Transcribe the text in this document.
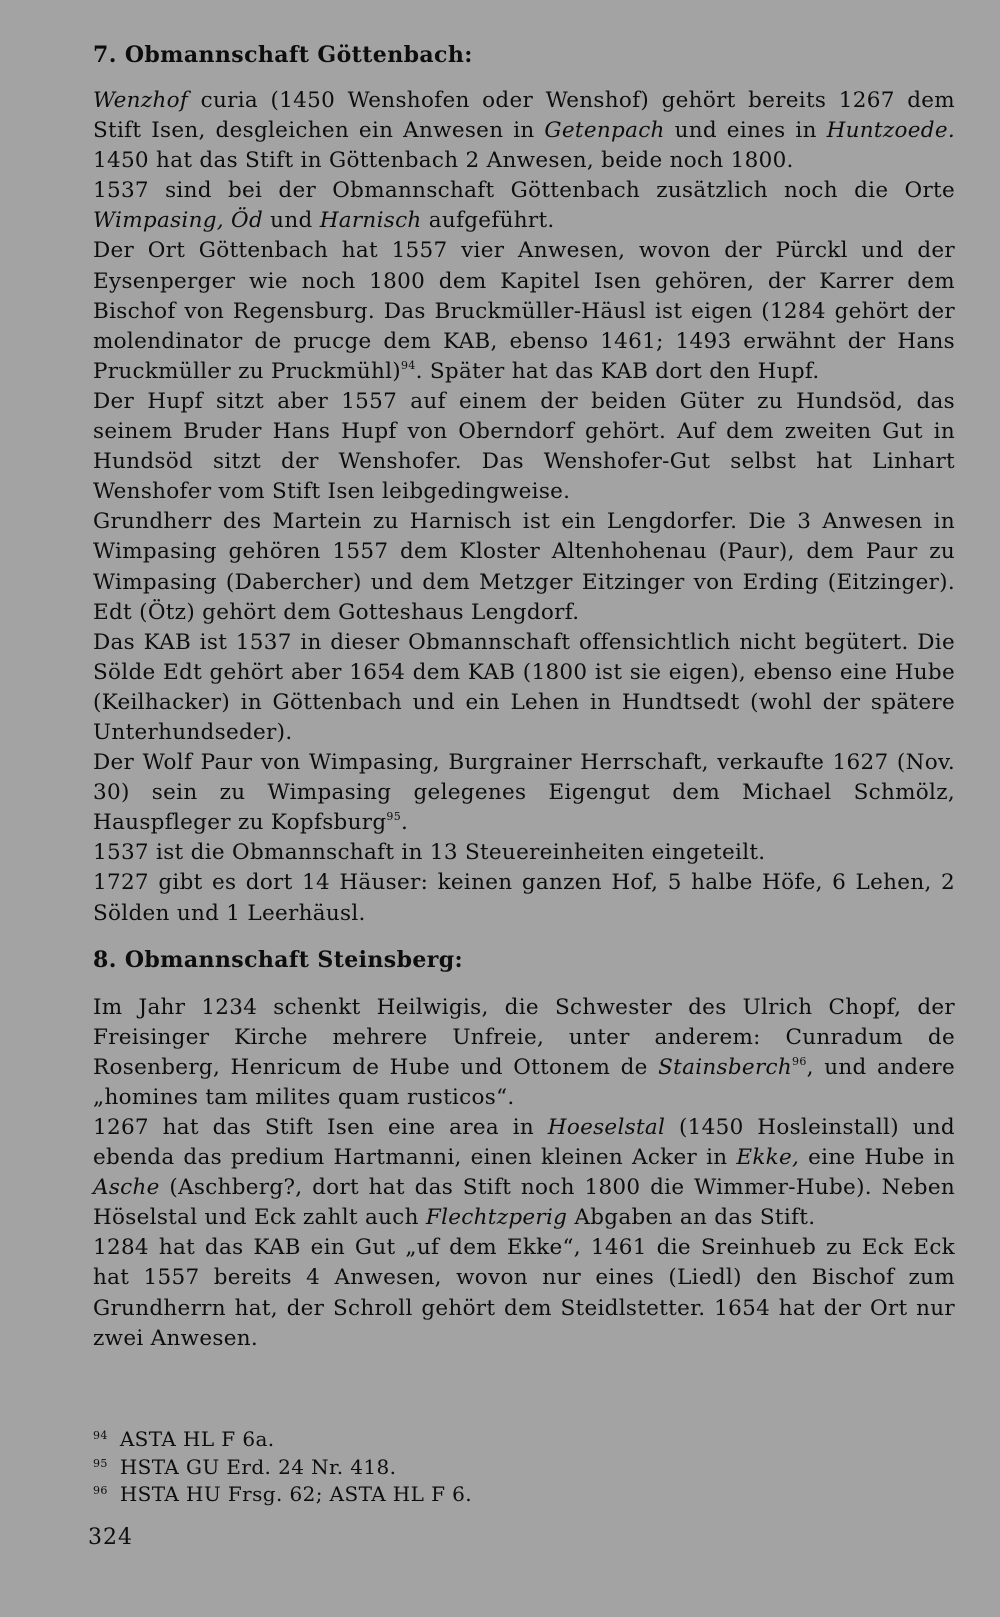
7. Obmannschaft Göttenbach:

Wenzhof curia (1450 Wenshofen oder Wenshof) gehört bereits 1267 dem Stift Isen, desgleichen ein Anwesen in Getenpach und eines in Huntzoede. 1450 hat das Stift in Göttenbach 2 Anwesen, beide noch 1800.

1537 sind bei der Obmannschaft Göttenbach zusätzlich noch die Orte Wimpasing, Öd und Harnisch aufgeführt.

Der Ort Göttenbach hat 1557 vier Anwesen, wovon der Pürckl und der Eysenperger wie noch 1800 dem Kapitel Isen gehören, der Karrer dem Bischof von Regensburg. Das Bruckmüller-Häusl ist eigen (1284 gehört der molendinator de prucge dem KAB, ebenso 1461; 1493 erwähnt der Hans Pruckmüller zu Pruckmühl)$^{94}$. Später hat das KAB dort den Hupf.

Der Hupf sitzt aber 1557 auf einem der beiden Güter zu Hundsöd, das seinem Bruder Hans Hupf von Oberndorf gehört. Auf dem zweiten Gut in Hundsöd sitzt der Wenshofer. Das Wenshofer-Gut selbst hat Linhart Wenshofer vom Stift Isen leibgedingweise.

Grundherr des Martein zu Harnisch ist ein Lengdorfer. Die 3 Anwesen in Wimpasing gehören 1557 dem Kloster Altenhohenau (Paur), dem Paur zu Wimpasing (Dabercher) und dem Metzger Eitzinger von Erding (Eitzinger). Edt (Ötz) gehört dem Gotteshaus Lengdorf.

Das KAB ist 1537 in dieser Obmannschaft offensichtlich nicht begütert. Die Sölde Edt gehört aber 1654 dem KAB (1800 ist sie eigen), ebenso eine Hube (Keilhacker) in Göttenbach und ein Lehen in Hundtsedt (wohl der spätere Unterhundseder).

Der Wolf Paur von Wimpasing, Burgrainer Herrschaft, verkaufte 1627 (Nov. 30) sein zu Wimpasing gelegenes Eigengut dem Michael Schmölz, Hauspfleger zu Kopfsburg$^{95}$.

1537 ist die Obmannschaft in 13 Steuereinheiten eingeteilt.

1727 gibt es dort 14 Häuser: keinen ganzen Hof, 5 halbe Höfe, 6 Lehen, 2 Sölden und 1 Leerhäusl.

8. Obmannschaft Steinsberg:

Im Jahr 1234 schenkt Heilwigis, die Schwester des Ulrich Chopf, der Freisinger Kirche mehrere Unfreie, unter anderem: Cunradum de Rosenberg, Henricum de Hube und Ottonem de Stainsberch$^{96}$, und andere „homines tam milites quam rusticos“.

1267 hat das Stift Isen eine area in Hoeselstal (1450 Hosleinstall) und ebenda das predium Hartmanni, einen kleinen Acker in Ekke, eine Hube in Asche (Aschberg?, dort hat das Stift noch 1800 die Wimmer-Hube). Neben Höselstal und Eck zahlt auch Flechtzperig Abgaben an das Stift.

1284 hat das KAB ein Gut „uf dem Ekke“, 1461 die Sreinhueb zu Eck Eck hat 1557 bereits 4 Anwesen, wovon nur eines (Liedl) den Bischof zum Grundherrn hat, der Schroll gehört dem Steidlstetter. 1654 hat der Ort nur zwei Anwesen.

$^{94}$ ASTA HL F 6a.
$^{95}$ HSTA GU Erd. 24 Nr. 418.
$^{96}$ HSTA HU Frsg. 62; ASTA HL F 6.
324
